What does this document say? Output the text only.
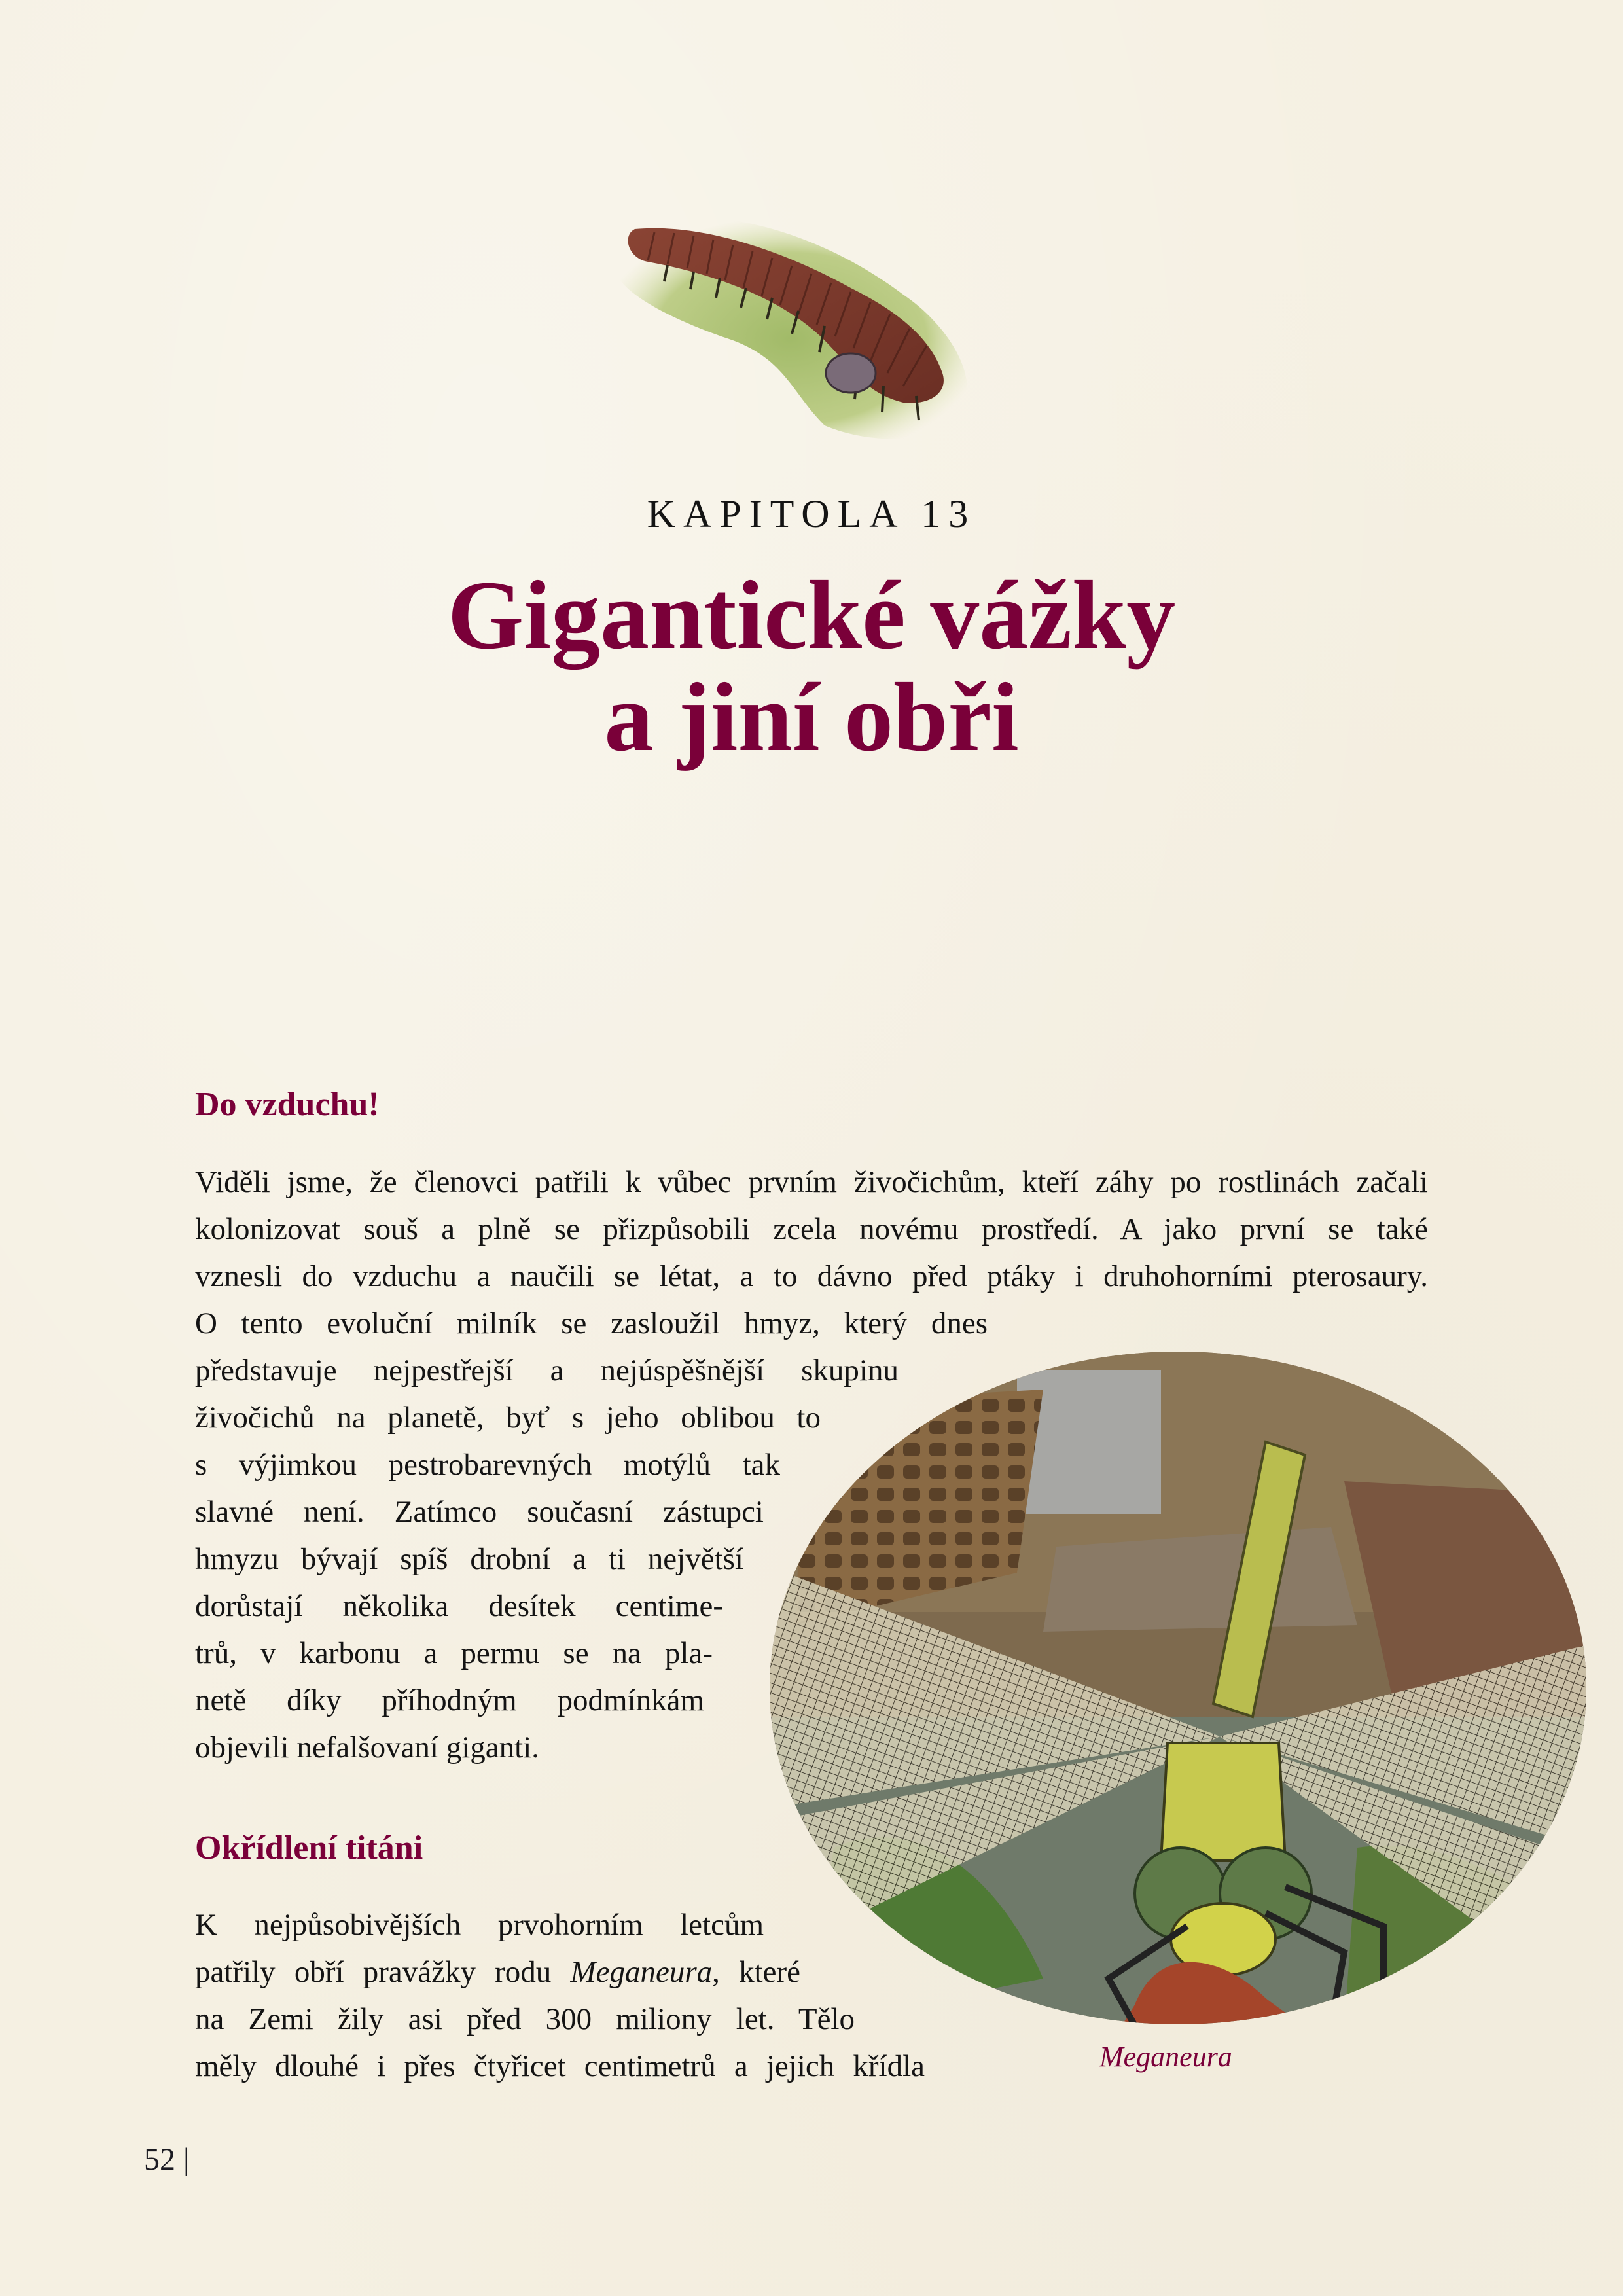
KAPITOLA 13
Gigantické vážky
a jiní obři
Do vzduchu!
Viděli jsme, že členovci patřili k vůbec prvním živočichům, kteří záhy po rostlinách začali
kolonizovat souš a plně se přizpůsobili zcela novému prostředí. A jako první se také
vznesli do vzduchu a naučili se létat, a to dávno před ptáky i druhohorními pterosaury.
O tento evoluční milník se zasloužil hmyz, který dnes
představuje nejpestřejší a nejúspěšnější skupinu
živočichů na planetě, byť s jeho oblibou to
s výjimkou pestrobarevných motýlů tak
slavné není. Zatímco současní zástupci
hmyzu bývají spíš drobní a ti největší
dorůstají několika desítek centime-
trů, v karbonu a permu se na pla-
netě díky příhodným podmínkám
objevili nefalšovaní giganti.
Okřídlení titáni
K nejpůsobivějších prvohorním letcům
patřily obří pravážky rodu Meganeura, které
na Zemi žily asi před 300 miliony let. Tělo
měly dlouhé i přes čtyřicet centimetrů a jejich křídla	Meganeura
52 |
